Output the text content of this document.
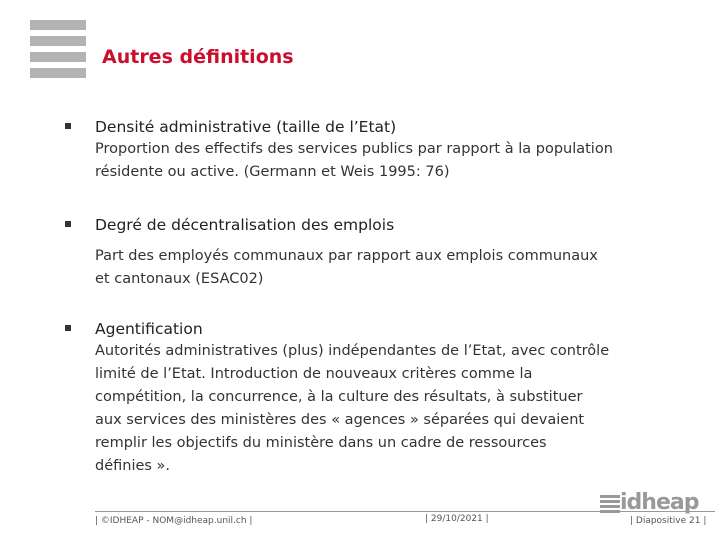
Autres définitions
Densité administrative (taille de l’Etat)
Proportion des effectifs des services publics par rapport à la population
résidente ou active. (Germann et Weis 1995: 76)
Degré de décentralisation des emplois
Part des employés communaux par rapport aux emplois communaux
et cantonaux (ESAC02)
Agentification
Autorités administratives (plus) indépendantes de l’Etat, avec contrôle
limité de l’Etat. Introduction de nouveaux critères comme la
compétition, la concurrence, à la culture des résultats, à substituer
aux services des ministères des « agences » séparées qui devaient
remplir les objectifs du ministère dans un cadre de ressources
définies ».
| ©IDHEAP - NOM@idheap.unil.ch |	| 29/10/2021 |	| Diapositive 21 |
idheap
